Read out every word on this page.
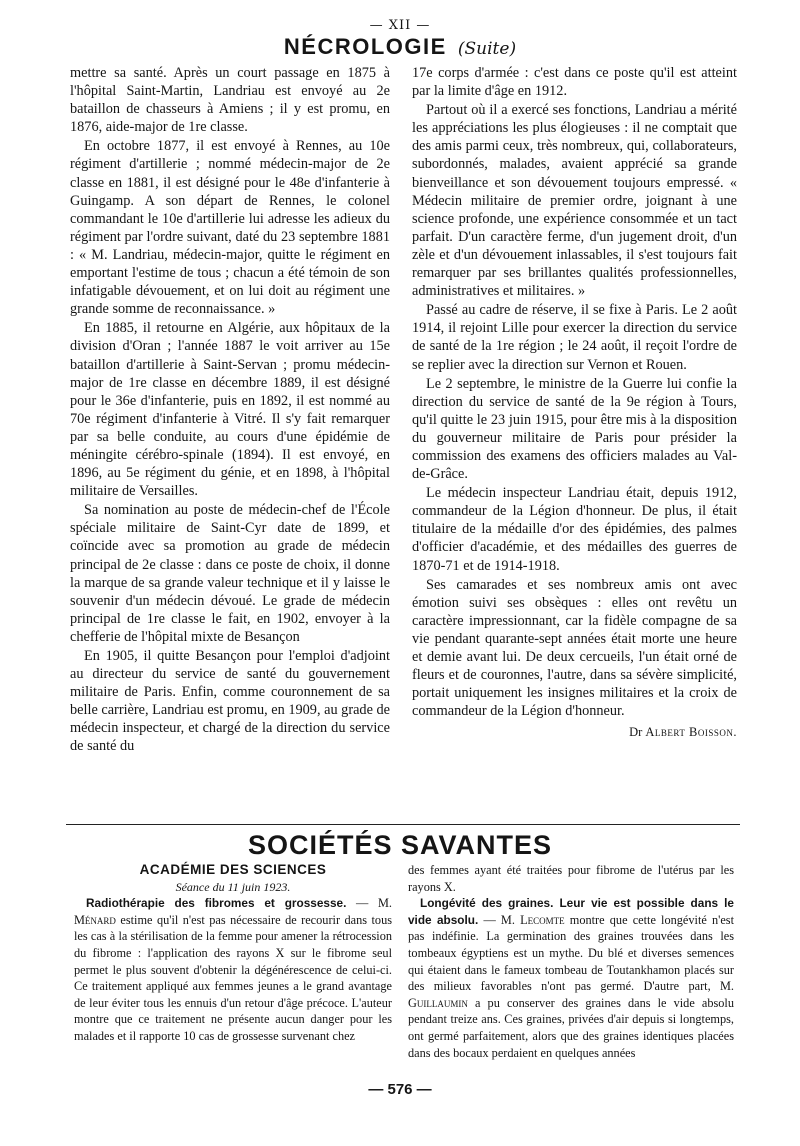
— XII —
NÉCROLOGIE (Suite)

mettre sa santé. Après un court passage en 1875 à l'hôpital Saint-Martin, Landriau est envoyé au 2e bataillon de chasseurs à Amiens ; il y est promu, en 1876, aide-major de 1re classe.

En octobre 1877, il est envoyé à Rennes, au 10e régiment d'artillerie ; nommé médecin-major de 2e classe en 1881, il est désigné pour le 48e d'infanterie à Guingamp. A son départ de Rennes, le colonel commandant le 10e d'artillerie lui adresse les adieux du régiment par l'ordre suivant, daté du 23 septembre 1881 : « M. Landriau, médecin-major, quitte le régiment en emportant l'estime de tous ; chacun a été témoin de son infatigable dévouement, et on lui doit au régiment une grande somme de reconnaissance. »

En 1885, il retourne en Algérie, aux hôpitaux de la division d'Oran ; l'année 1887 le voit arriver au 15e bataillon d'artillerie à Saint-Servan ; promu médecin-major de 1re classe en décembre 1889, il est désigné pour le 36e d'infanterie, puis en 1892, il est nommé au 70e régiment d'infanterie à Vitré. Il s'y fait remarquer par sa belle conduite, au cours d'une épidémie de méningite cérébro-spinale (1894). Il est envoyé, en 1896, au 5e régiment du génie, et en 1898, à l'hôpital militaire de Versailles.

Sa nomination au poste de médecin-chef de l'École spéciale militaire de Saint-Cyr date de 1899, et coïncide avec sa promotion au grade de médecin principal de 2e classe : dans ce poste de choix, il donne la marque de sa grande valeur technique et il y laisse le souvenir d'un médecin dévoué. Le grade de médecin principal de 1re classe le fait, en 1902, envoyer à la chefferie de l'hôpital mixte de Besançon

En 1905, il quitte Besançon pour l'emploi d'adjoint au directeur du service de santé du gouvernement militaire de Paris. Enfin, comme couronnement de sa belle carrière, Landriau est promu, en 1909, au grade de médecin inspecteur, et chargé de la direction du service de santé du

17e corps d'armée : c'est dans ce poste qu'il est atteint par la limite d'âge en 1912.

Partout où il a exercé ses fonctions, Landriau a mérité les appréciations les plus élogieuses : il ne comptait que des amis parmi ceux, très nombreux, qui, collaborateurs, subordonnés, malades, avaient apprécié sa grande bienveillance et son dévouement toujours empressé. « Médecin militaire de premier ordre, joignant à une science profonde, une expérience consommée et un tact parfait. D'un caractère ferme, d'un jugement droit, d'un zèle et d'un dévouement inlassables, il s'est toujours fait remarquer par ses brillantes qualités professionnelles, administratives et militaires. »

Passé au cadre de réserve, il se fixe à Paris. Le 2 août 1914, il rejoint Lille pour exercer la direction du service de santé de la 1re région ; le 24 août, il reçoit l'ordre de se replier avec la direction sur Vernon et Rouen.

Le 2 septembre, le ministre de la Guerre lui confie la direction du service de santé de la 9e région à Tours, qu'il quitte le 23 juin 1915, pour être mis à la disposition du gouverneur militaire de Paris pour présider la commission des examens des officiers malades au Val-de-Grâce.

Le médecin inspecteur Landriau était, depuis 1912, commandeur de la Légion d'honneur. De plus, il était titulaire de la médaille d'or des épidémies, des palmes d'officier d'académie, et des médailles des guerres de 1870-71 et de 1914-1918.

Ses camarades et ses nombreux amis ont avec émotion suivi ses obsèques : elles ont revêtu un caractère impressionnant, car la fidèle compagne de sa vie pendant quarante-sept années était morte une heure et demie avant lui. De deux cercueils, l'un était orné de fleurs et de couronnes, l'autre, dans sa sévère simplicité, portait uniquement les insignes militaires et la croix de commandeur de la Légion d'honneur.

Dr Albert Boisson.
SOCIÉTÉS SAVANTES

ACADÉMIE DES SCIENCES

Séance du 11 juin 1923.

Radiothérapie des fibromes et grossesse. — M. Ménard estime qu'il n'est pas nécessaire de recourir dans tous les cas à la stérilisation de la femme pour amener la rétrocession du fibrome : l'application des rayons X sur le fibrome seul permet le plus souvent d'obtenir la dégénérescence de celui-ci. Ce traitement appliqué aux femmes jeunes a le grand avantage de leur éviter tous les ennuis d'un retour d'âge précoce. L'auteur montre que ce traitement ne présente aucun danger pour les malades et il rapporte 10 cas de grossesse survenant chez

des femmes ayant été traitées pour fibrome de l'utérus par les rayons X.

Longévité des graines. Leur vie est possible dans le vide absolu. — M. Lecomte montre que cette longévité n'est pas indéfinie. La germination des graines trouvées dans les tombeaux égyptiens est un mythe. Du blé et diverses semences qui étaient dans le fameux tombeau de Toutankhamon placés sur des milieux favorables n'ont pas germé. D'autre part, M. Guillaumin a pu conserver des graines dans le vide absolu pendant treize ans. Ces graines, privées d'air depuis si longtemps, ont germé parfaitement, alors que des graines identiques placées dans des bocaux perdaient en quelques années

— 576 —
